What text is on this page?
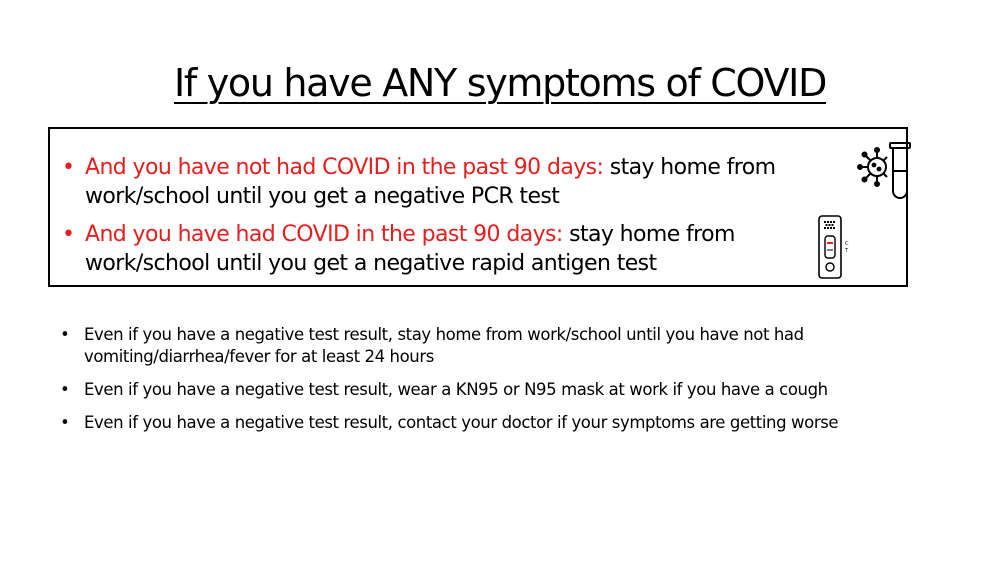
If you have ANY symptoms of COVID
• And you have not had COVID in the past 90 days: stay home from work/school until you get a negative PCR test
• And you have had COVID in the past 90 days: stay home from work/school until you get a negative rapid antigen test
C
T
• Even if you have a negative test result, stay home from work/school until you have not had vomiting/diarrhea/fever for at least 24 hours
• Even if you have a negative test result, wear a KN95 or N95 mask at work if you have a cough
• Even if you have a negative test result, contact your doctor if your symptoms are getting worse
